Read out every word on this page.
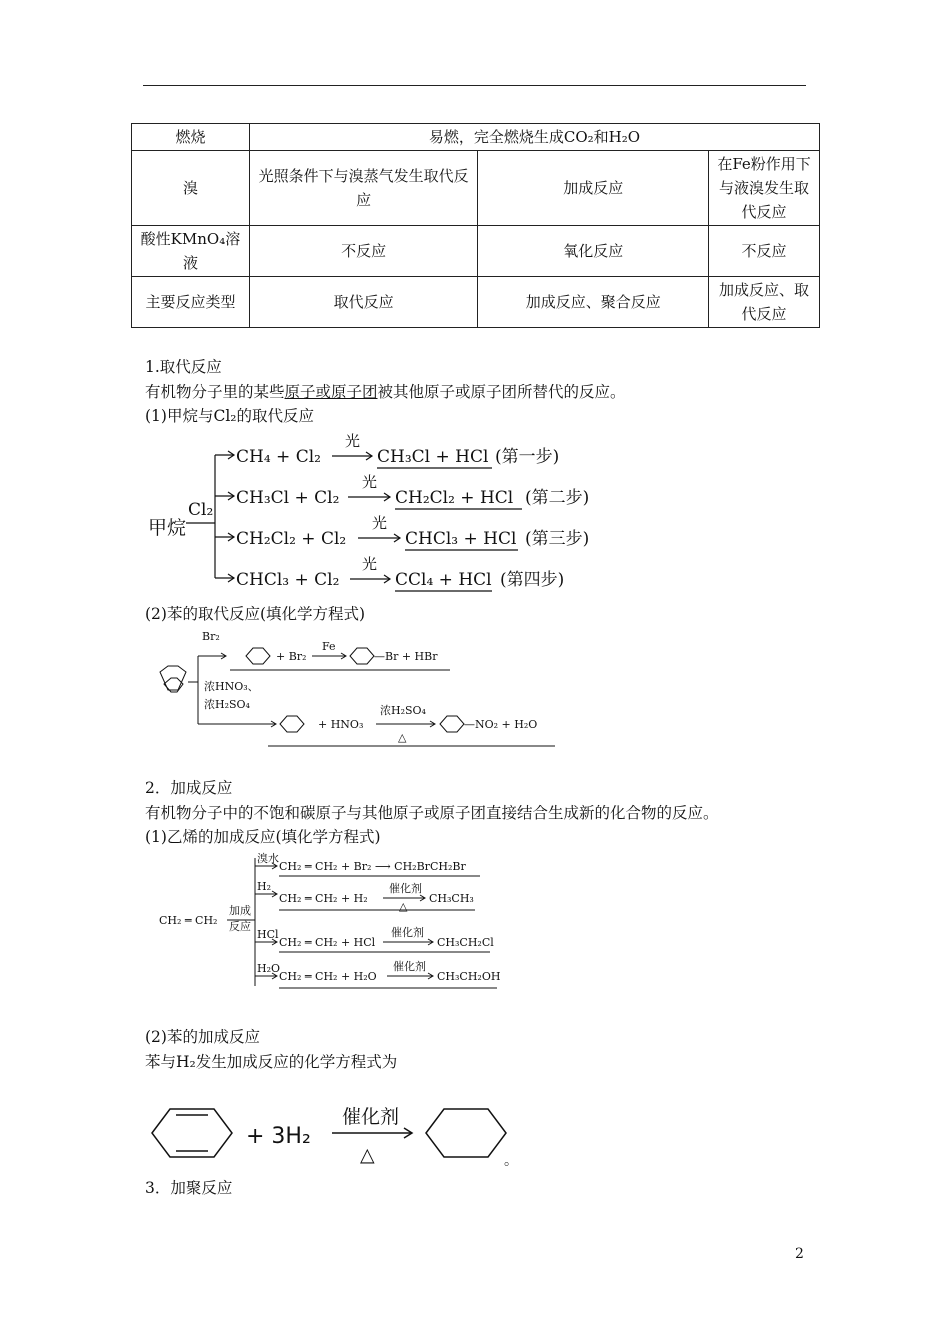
燃烧	易燃，完全燃烧生成CO₂和H₂O		
溴	光照条件下与溴蒸气发生取代反应	加成反应	在Fe粉作用下与液溴发生取代反应
酸性KMnO₄溶液	不反应	氧化反应	不反应
主要反应类型	取代反应	加成反应、聚合反应	加成反应、取代反应
1.取代反应
有机物分子里的某些原子或原子团被其他原子或原子团所替代的反应。
(1)甲烷与Cl₂的取代反应
甲烷
Cl₂
CH₄ + Cl₂
光
CH₃Cl + HCl (第一步)
CH₃Cl + Cl₂
光
CH₂Cl₂ + HCl (第二步)
CH₂Cl₂ + Cl₂
光
CHCl₃ + HCl (第三步)
CHCl₃ + Cl₂
光
CCl₄ + HCl (第四步)
(2)苯的取代反应(填化学方程式)
Br₂
+ Br₂
Fe
—Br + HBr
浓HNO₃、
浓H₂SO₄
+ HNO₃
浓H₂SO₄
△
—NO₂ + H₂O
2．加成反应
有机物分子中的不饱和碳原子与其他原子或原子团直接结合生成新的化合物的反应。
(1)乙烯的加成反应(填化学方程式)
CH₂ ═ CH₂
加成
反应
溴水
CH₂ ═ CH₂ + Br₂ ⟶ CH₂BrCH₂Br
H₂
CH₂ ═ CH₂ + H₂
催化剂
△
CH₃CH₃
HCl
CH₂ ═ CH₂ + HCl
催化剂
CH₃CH₂Cl
H₂O
CH₂ ═ CH₂ + H₂O
催化剂
CH₃CH₂OH
(2)苯的加成反应
苯与H₂发生加成反应的化学方程式为
+ 3H₂
催化剂
△	。
3．加聚反应
2
